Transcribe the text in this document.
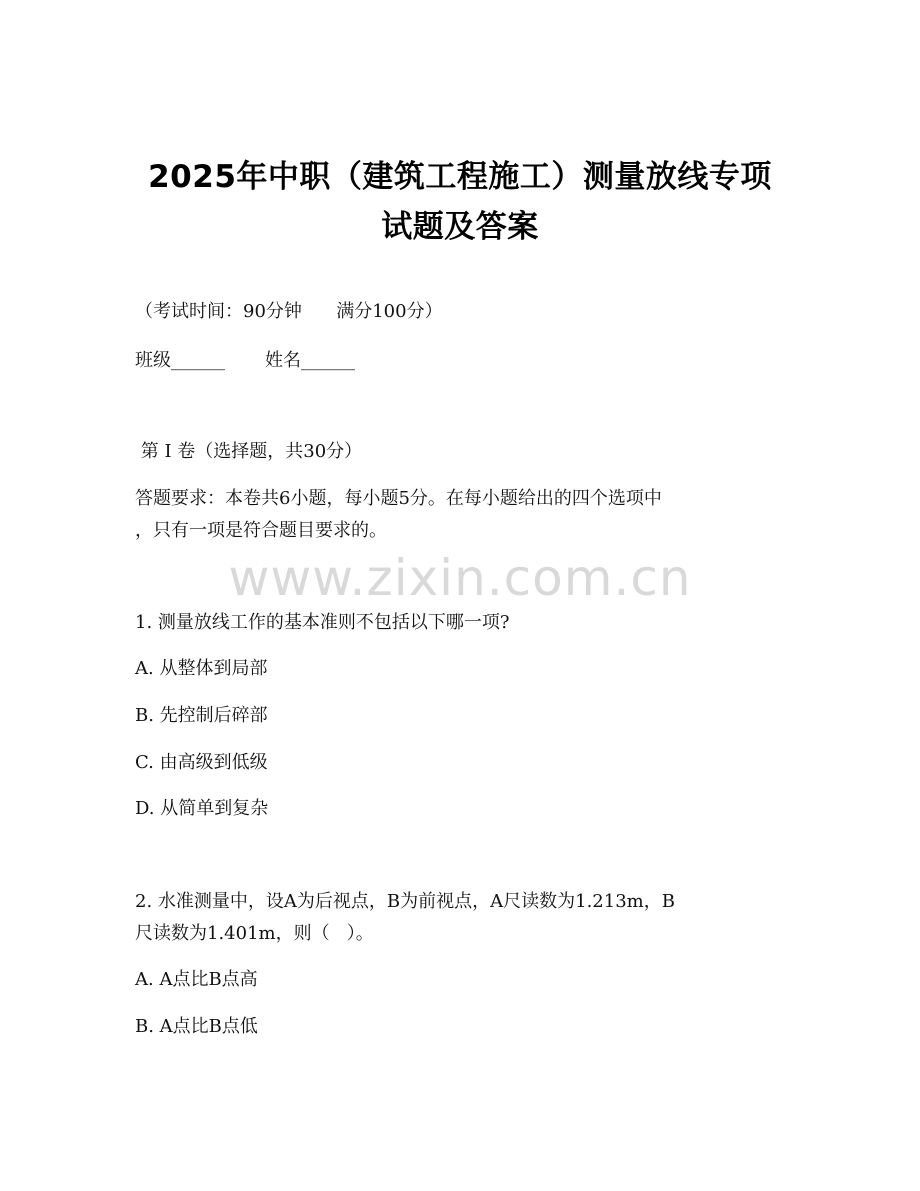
2025年中职（建筑工程施工）测量放线专项
试题及答案
（考试时间：90分钟      满分100分）
班级______       姓名______
第 I 卷（选择题，共30分）
答题要求：本卷共6小题，每小题5分。在每小题给出的四个选项中
，只有一项是符合题目要求的。
www.zixin.com.cn
1. 测量放线工作的基本准则不包括以下哪一项?
A. 从整体到局部
B. 先控制后碎部
C. 由高级到低级
D. 从简单到复杂
2. 水准测量中，设A为后视点，B为前视点，A尺读数为1.213m，B
尺读数为1.401m，则（   ）。
A. A点比B点高
B. A点比B点低
